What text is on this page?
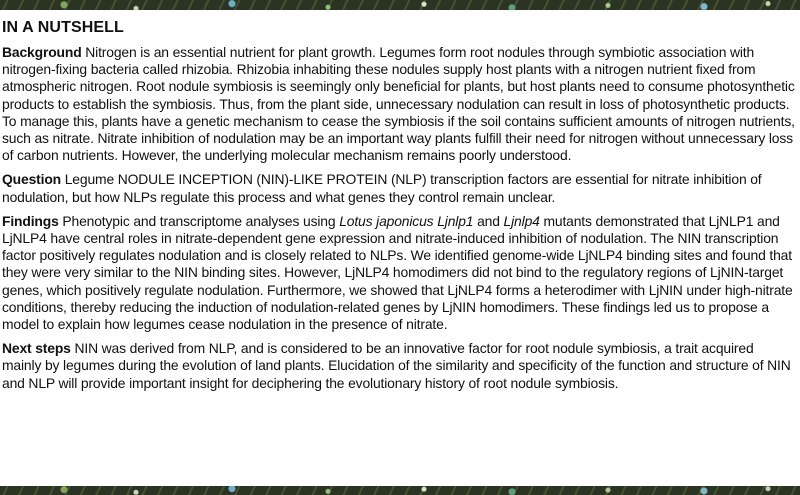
IN A NUTSHELL

Background Nitrogen is an essential nutrient for plant growth. Legumes form root nodules through symbiotic association with nitrogen-fixing bacteria called rhizobia. Rhizobia inhabiting these nodules supply host plants with a nitrogen nutrient fixed from atmospheric nitrogen. Root nodule symbiosis is seemingly only beneficial for plants, but host plants need to consume photosynthetic products to establish the symbiosis. Thus, from the plant side, unnecessary nodulation can result in loss of photosynthetic products. To manage this, plants have a genetic mechanism to cease the symbiosis if the soil contains sufficient amounts of nitrogen nutrients, such as nitrate. Nitrate inhibition of nodulation may be an important way plants fulfill their need for nitrogen without unnecessary loss of carbon nutrients. However, the underlying molecular mechanism remains poorly understood.

Question Legume NODULE INCEPTION (NIN)-LIKE PROTEIN (NLP) transcription factors are essential for nitrate inhibition of nodulation, but how NLPs regulate this process and what genes they control remain unclear.

Findings Phenotypic and transcriptome analyses using Lotus japonicus Ljnlp1 and Ljnlp4 mutants demonstrated that LjNLP1 and LjNLP4 have central roles in nitrate-dependent gene expression and nitrate-induced inhibition of nodulation. The NIN transcription factor positively regulates nodulation and is closely related to NLPs. We identified genome-wide LjNLP4 binding sites and found that they were very similar to the NIN binding sites. However, LjNLP4 homodimers did not bind to the regulatory regions of LjNIN-target genes, which positively regulate nodulation. Furthermore, we showed that LjNLP4 forms a heterodimer with LjNIN under high-nitrate conditions, thereby reducing the induction of nodulation-related genes by LjNIN homodimers. These findings led us to propose a model to explain how legumes cease nodulation in the presence of nitrate.

Next steps NIN was derived from NLP, and is considered to be an innovative factor for root nodule symbiosis, a trait acquired mainly by legumes during the evolution of land plants. Elucidation of the similarity and specificity of the function and structure of NIN and NLP will provide important insight for deciphering the evolutionary history of root nodule symbiosis.
